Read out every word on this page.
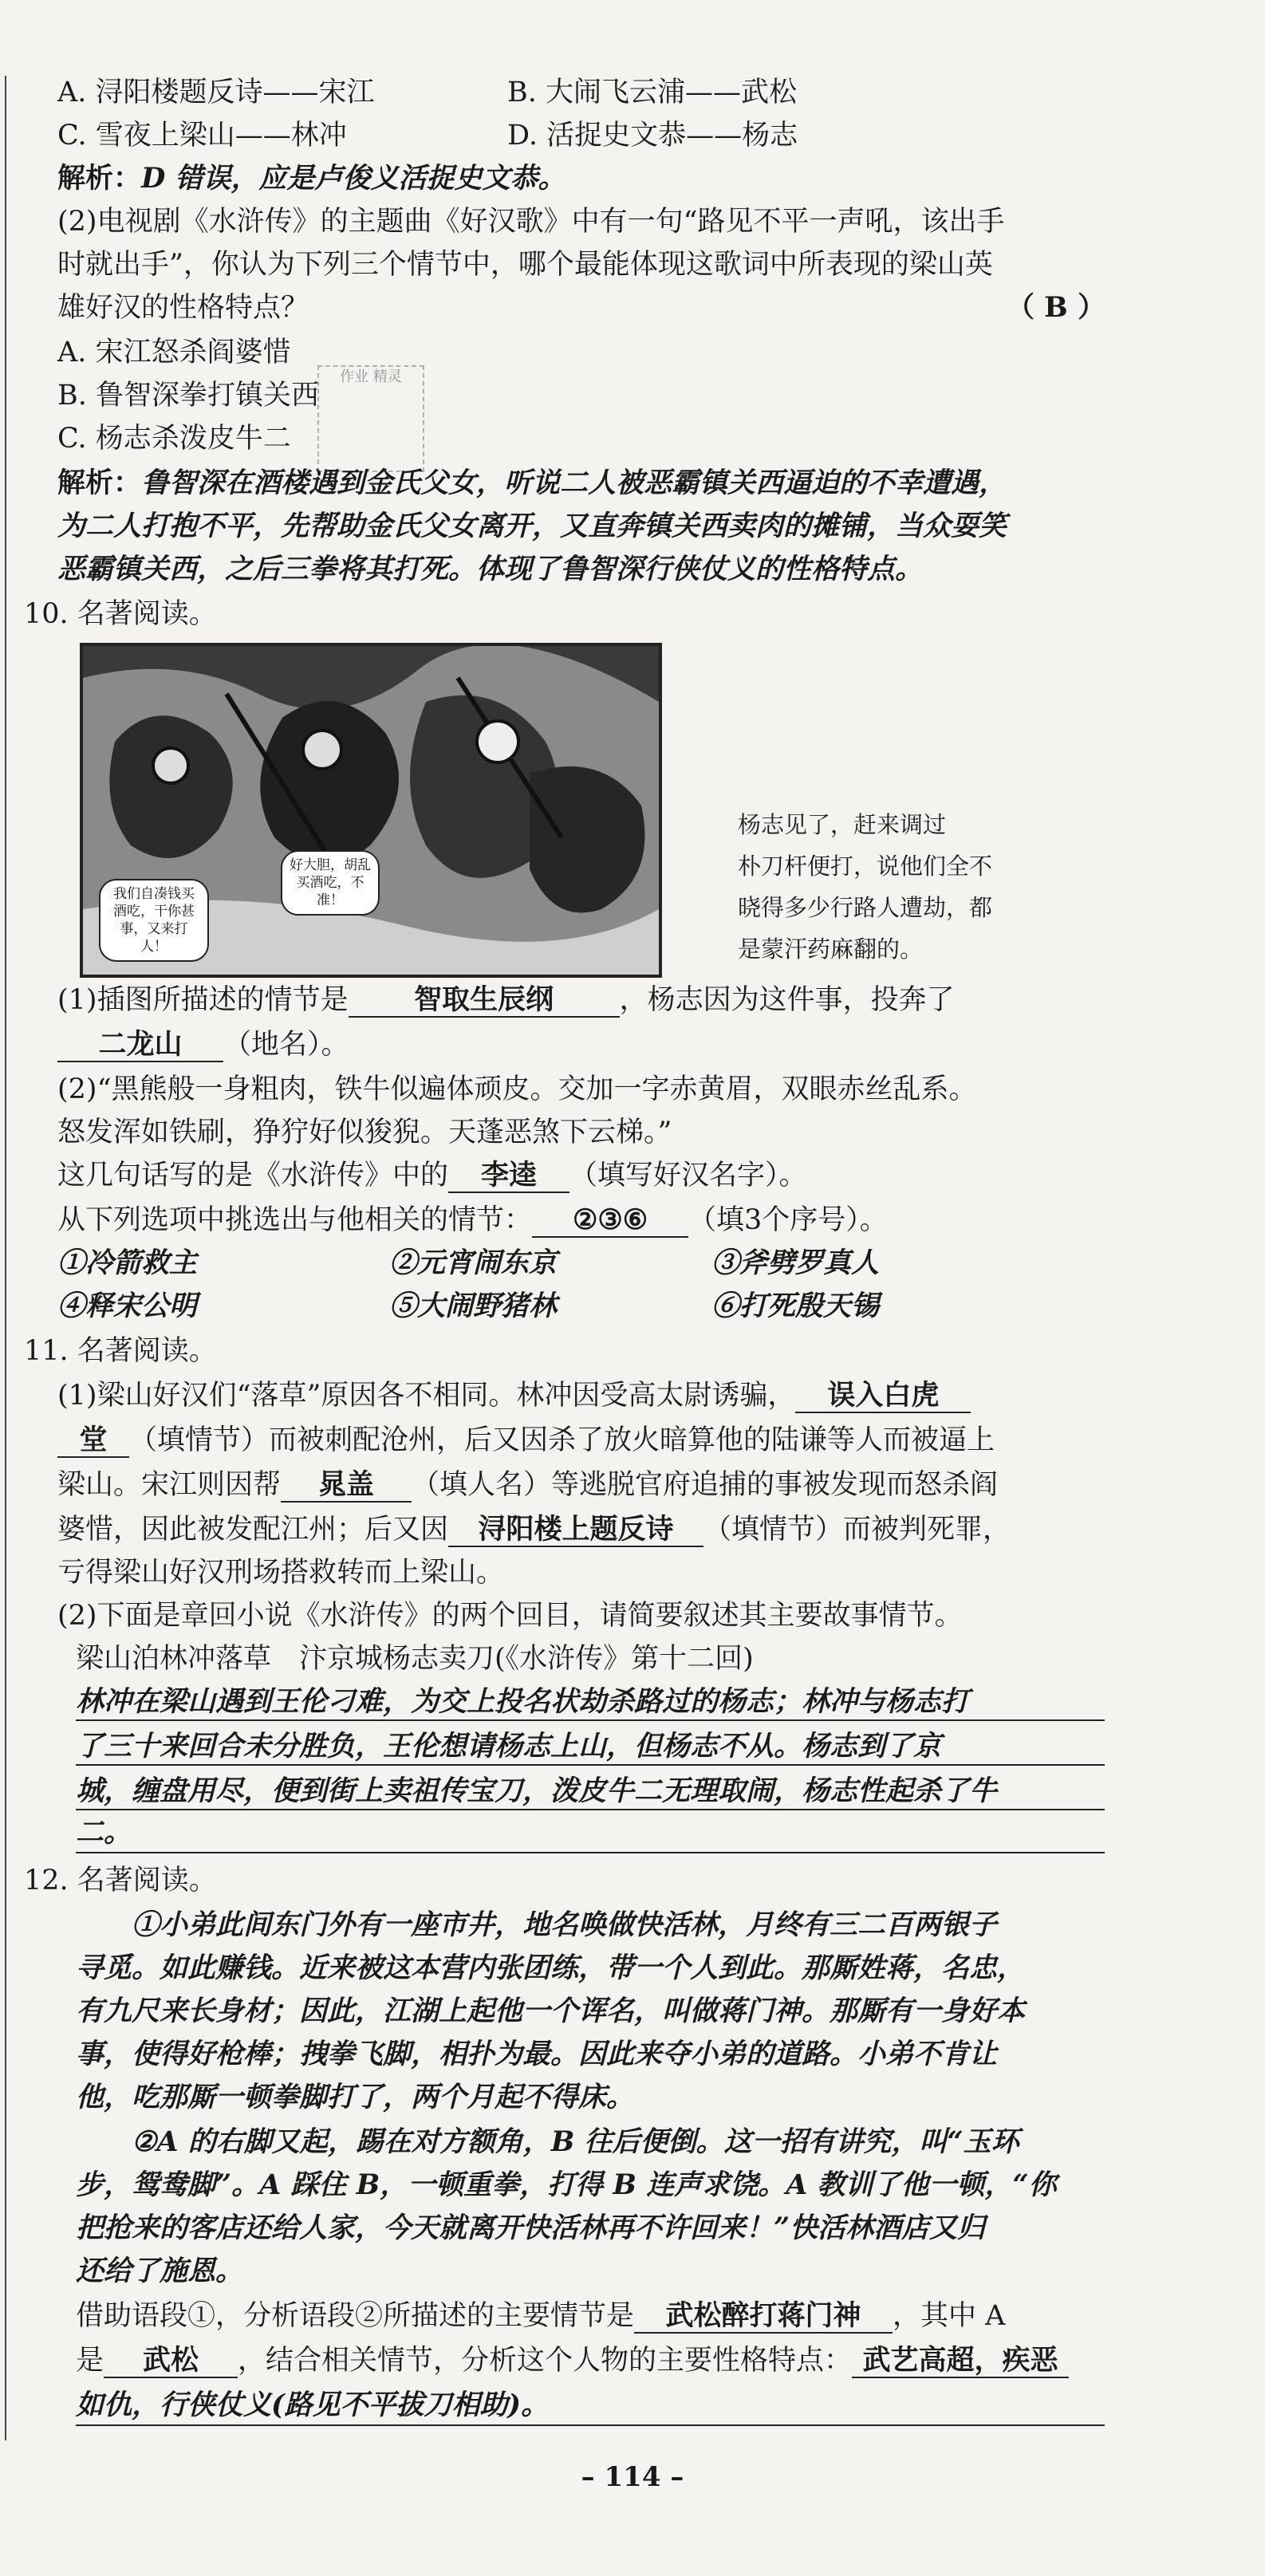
A. 浔阳楼题反诗——宋江	B. 大闹飞云浦——武松
C. 雪夜上梁山——林冲	D. 活捉史文恭——杨志
解析：D 错误，应是卢俊义活捉史文恭。
(2)电视剧《水浒传》的主题曲《好汉歌》中有一句“路见不平一声吼，该出手
时就出手”，你认为下列三个情节中，哪个最能体现这歌词中所表现的梁山英
雄好汉的性格特点？	（ B ）
A. 宋江怒杀阎婆惜
B. 鲁智深拳打镇关西
C. 杨志杀泼皮牛二
作业 精灵
解析：鲁智深在酒楼遇到金氏父女，听说二人被恶霸镇关西逼迫的不幸遭遇，
为二人打抱不平，先帮助金氏父女离开，又直奔镇关西卖肉的摊铺，当众耍笑
恶霸镇关西，之后三拳将其打死。体现了鲁智深行侠仗义的性格特点。
10. 名著阅读。
我们自凑钱买
酒吃，干你甚
事，又来打人！
好大胆，胡乱
买酒吃，不
准！
杨志见了，赶来调过
朴刀杆便打，说他们全不
晓得多少行路人遭劫，都
是蒙汗药麻翻的。
(1)插图所描述的情节是 智取生辰纲 ，杨志因为这件事，投奔了
二龙山 （地名）。
(2)“黑熊般一身粗肉，铁牛似遍体顽皮。交加一字赤黄眉，双眼赤丝乱系。
怒发浑如铁刷，狰狞好似狻猊。天蓬恶煞下云梯。”
这几句话写的是《水浒传》中的 李逵 （填写好汉名字）。
从下列选项中挑选出与他相关的情节： ②③⑥ （填3个序号）。
①冷箭救主	②元宵闹东京	③斧劈罗真人
④释宋公明	⑤大闹野猪林	⑥打死殷天锡
11. 名著阅读。
(1)梁山好汉们“落草”原因各不相同。林冲因受高太尉诱骗， 误入白虎
堂 （填情节）而被刺配沧州，后又因杀了放火暗算他的陆谦等人而被逼上
梁山。宋江则因帮 晁盖 （填人名）等逃脱官府追捕的事被发现而怒杀阎
婆惜，因此被发配江州；后又因 浔阳楼上题反诗 （填情节）而被判死罪，
亏得梁山好汉刑场搭救转而上梁山。
(2)下面是章回小说《水浒传》的两个回目，请简要叙述其主要故事情节。
梁山泊林冲落草　汴京城杨志卖刀(《水浒传》第十二回)
林冲在梁山遇到王伦刁难，为交上投名状劫杀路过的杨志；林冲与杨志打
了三十来回合未分胜负，王伦想请杨志上山，但杨志不从。杨志到了京
城，缠盘用尽，便到街上卖祖传宝刀，泼皮牛二无理取闹，杨志性起杀了牛
二。
12. 名著阅读。
①小弟此间东门外有一座市井，地名唤做快活林，月终有三二百两银子
寻觅。如此赚钱。近来被这本营内张团练，带一个人到此。那厮姓蒋，名忠，
有九尺来长身材；因此，江湖上起他一个诨名，叫做蒋门神。那厮有一身好本
事，使得好枪棒；拽拳飞脚，相扑为最。因此来夺小弟的道路。小弟不肯让
他，吃那厮一顿拳脚打了，两个月起不得床。
②A 的右脚又起，踢在对方额角，B 往后便倒。这一招有讲究，叫“玉环
步，鸳鸯脚”。A 踩住 B，一顿重拳，打得 B 连声求饶。A 教训了他一顿，“你
把抢来的客店还给人家，今天就离开快活林再不许回来！”快活林酒店又归
还给了施恩。
借助语段①，分析语段②所描述的主要情节是 武松醉打蒋门神 ，其中 A
是 武松 ，结合相关情节，分析这个人物的主要性格特点： 武艺高超，疾恶
如仇，行侠仗义(路见不平拔刀相助)。
– 114 –
